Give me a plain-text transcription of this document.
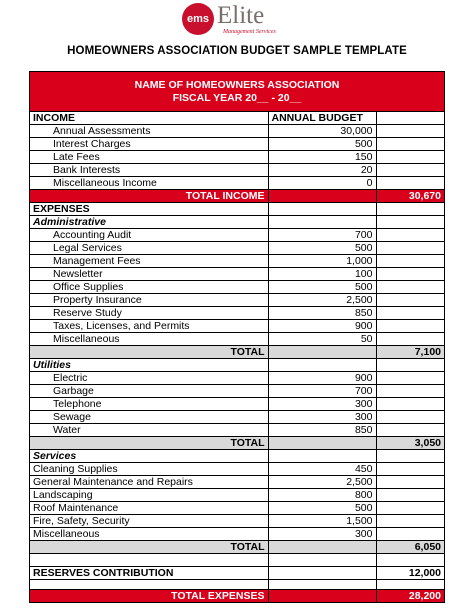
ems Elite
Management Services
HOMEOWNERS ASSOCIATION BUDGET SAMPLE TEMPLATE
NAME OF HOMEOWNERS ASSOCIATION
FISCAL YEAR 20__ - 20__
INCOME	ANNUAL BUDGET	
Annual Assessments	30,000	
Interest Charges	500	
Late Fees	150	
Bank Interests	20	
Miscellaneous Income	0	
TOTAL INCOME		30,670
EXPENSES		
Administrative		
Accounting Audit	700	
Legal Services	500	
Management Fees	1,000	
Newsletter	100	
Office Supplies	500	
Property Insurance	2,500	
Reserve Study	850	
Taxes, Licenses, and Permits	900	
Miscellaneous	50	
TOTAL		7,100
Utilities		
Electric	900	
Garbage	700	
Telephone	300	
Sewage	300	
Water	850	
TOTAL		3,050
Services		
Cleaning Supplies	450	
General Maintenance and Repairs	2,500	
Landscaping	800	
Roof Maintenance	500	
Fire, Safety, Security	1,500	
Miscellaneous	300	
TOTAL		6,050

RESERVES CONTRIBUTION		12,000

TOTAL EXPENSES		28,200
